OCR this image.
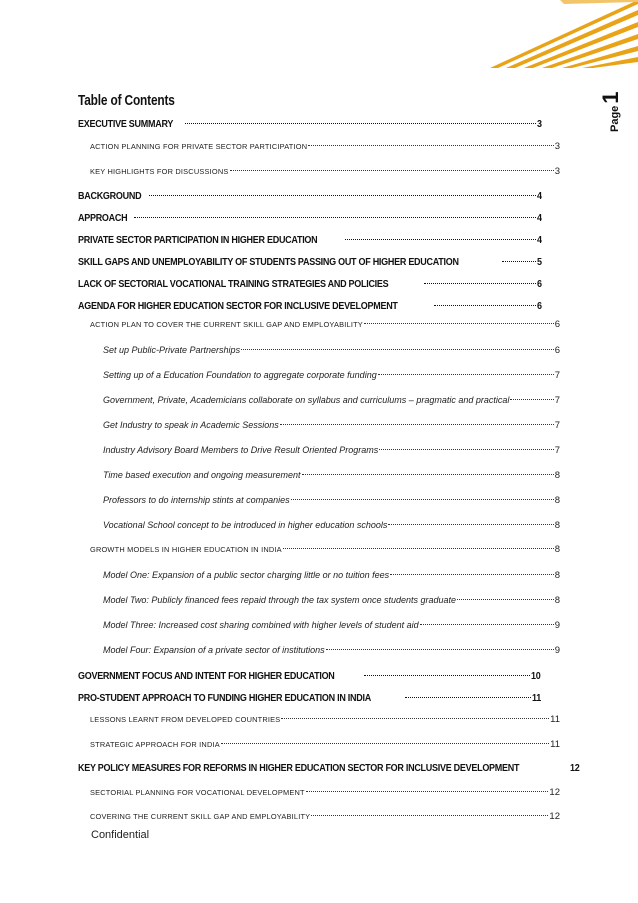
Table of Contents
Page
1
EXECUTIVE SUMMARY	3
ACTION PLANNING FOR PRIVATE SECTOR PARTICIPATION	3
KEY HIGHLIGHTS FOR DISCUSSIONS	3
BACKGROUND	4
APPROACH	4
PRIVATE SECTOR PARTICIPATION IN HIGHER EDUCATION	4
SKILL GAPS AND UNEMPLOYABILITY OF STUDENTS PASSING OUT OF HIGHER EDUCATION	5
LACK OF SECTORIAL VOCATIONAL TRAINING STRATEGIES AND POLICIES	6
AGENDA FOR HIGHER EDUCATION SECTOR FOR INCLUSIVE DEVELOPMENT	6
ACTION PLAN TO COVER THE CURRENT SKILL GAP AND EMPLOYABILITY	6
Set up Public-Private Partnerships	6
Setting up of a Education Foundation to aggregate corporate funding	7
Government, Private, Academicians collaborate on syllabus and curriculums – pragmatic and practical	7
Get Industry to speak in Academic Sessions	7
Industry Advisory Board Members to Drive Result Oriented Programs	7
Time based execution and ongoing measurement	8
Professors to do internship stints at companies	8
Vocational School concept to be introduced in higher education schools	8
GROWTH MODELS IN HIGHER EDUCATION IN INDIA	8
Model One: Expansion of a public sector charging little or no tuition fees	8
Model Two: Publicly financed fees repaid through the tax system once students graduate	8
Model Three: Increased cost sharing combined with higher levels of student aid	9
Model Four: Expansion of a private sector of institutions	9
GOVERNMENT FOCUS AND INTENT FOR HIGHER EDUCATION	10
PRO-STUDENT APPROACH TO FUNDING HIGHER EDUCATION IN INDIA	11
LESSONS LEARNT FROM DEVELOPED COUNTRIES	11
STRATEGIC APPROACH FOR INDIA	11
KEY POLICY MEASURES FOR REFORMS IN HIGHER EDUCATION SECTOR FOR INCLUSIVE DEVELOPMENT	12
SECTORIAL PLANNING FOR VOCATIONAL DEVELOPMENT	12
COVERING THE CURRENT SKILL GAP AND EMPLOYABILITY	12
Confidential
